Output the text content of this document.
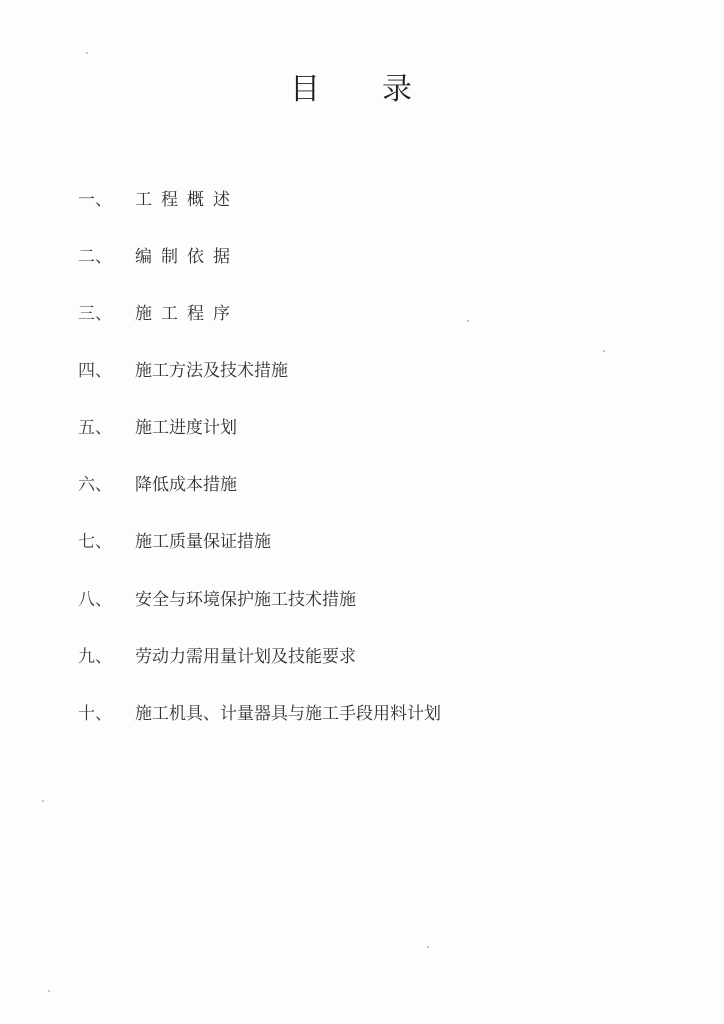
目 录
一、 工程概述
二、 编制依据
三、 施工程序
四、 施工方法及技术措施
五、 施工进度计划
六、 降低成本措施
七、 施工质量保证措施
八、 安全与环境保护施工技术措施
九、 劳动力需用量计划及技能要求
十、 施工机具、计量器具与施工手段用料计划
